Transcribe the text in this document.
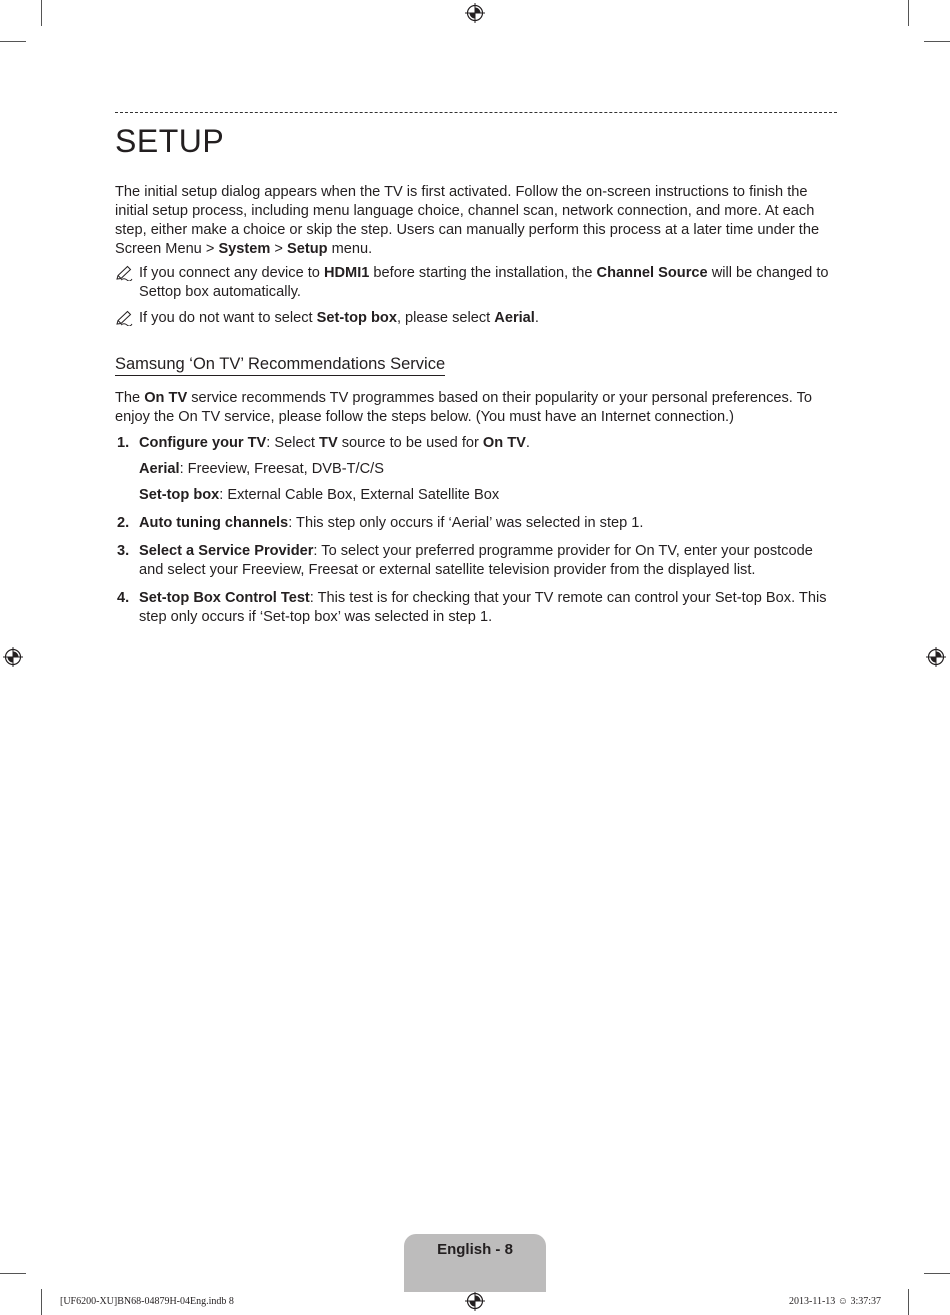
SETUP

The initial setup dialog appears when the TV is first activated. Follow the on-screen instructions to finish the initial setup process, including menu language choice, channel scan, network connection, and more. At each step, either make a choice or skip the step. Users can manually perform this process at a later time under the Screen Menu > System > Setup menu.

If you connect any device to HDMI1 before starting the installation, the Channel Source will be changed to Settop box automatically.
If you do not want to select Set-top box, please select Aerial.
Samsung ‘On TV’ Recommendations Service

The On TV service recommends TV programmes based on their popularity or your personal preferences. To enjoy the On TV service, please follow the steps below. (You must have an Internet connection.)

1. Configure your TV: Select TV source to be used for On TV.
Aerial: Freeview, Freesat, DVB-T/C/S
Set-top box: External Cable Box, External Satellite Box
2. Auto tuning channels: This step only occurs if ‘Aerial’ was selected in step 1.
3. Select a Service Provider: To select your preferred programme provider for On TV, enter your postcode and select your Freeview, Freesat or external satellite television provider from the displayed list.
4. Set-top Box Control Test: This test is for checking that your TV remote can control your Set-top Box. This step only occurs if ‘Set-top box’ was selected in step 1.
English - 8
[UF6200-XU]BN68-04879H-04Eng.indb 8	2013-11-13 ☺ 3:37:37
